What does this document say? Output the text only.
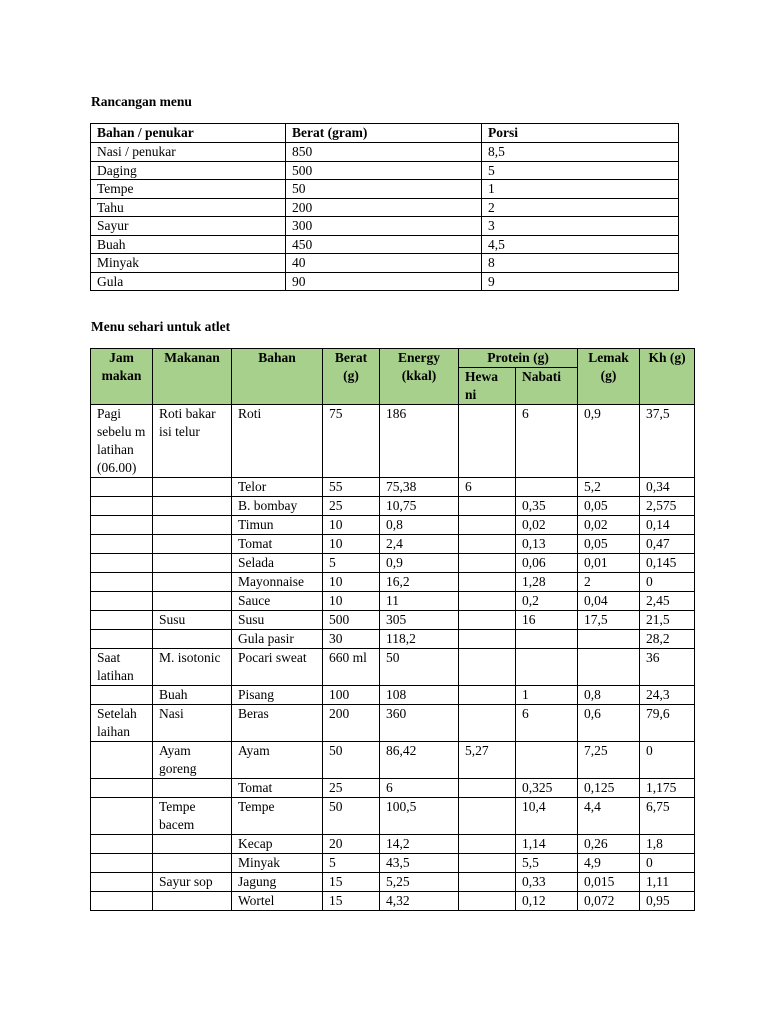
Rancangan menu
Bahan / penukar	Berat (gram)	Porsi
Nasi / penukar	850	8,5
Daging	500	5
Tempe	50	1
Tahu	200	2
Sayur	300	3
Buah	450	4,5
Minyak	40	8
Gula	90	9
Menu sehari untuk atlet
Jam makan	Makanan	Bahan	Berat (g)	Energy (kkal)	Protein (g)		Lemak (g)	Kh (g)
					Hewa ni	Nabati		
Pagi sebelu m latihan (06.00)	Roti bakar isi telur	Roti	75	186		6	0,9	37,5
		Telor	55	75,38	6		5,2	0,34
		B. bombay	25	10,75		0,35	0,05	2,575
		Timun	10	0,8		0,02	0,02	0,14
		Tomat	10	2,4		0,13	0,05	0,47
		Selada	5	0,9		0,06	0,01	0,145
		Mayonnaise	10	16,2		1,28	2	0
		Sauce	10	11		0,2	0,04	2,45
	Susu	Susu	500	305		16	17,5	21,5
		Gula pasir	30	118,2				28,2
Saat latihan	M. isotonic	Pocari sweat	660 ml	50				36
	Buah	Pisang	100	108		1	0,8	24,3
Setelah laihan	Nasi	Beras	200	360		6	0,6	79,6
	Ayam goreng	Ayam	50	86,42	5,27		7,25	0
		Tomat	25	6		0,325	0,125	1,175
	Tempe bacem	Tempe	50	100,5		10,4	4,4	6,75
		Kecap	20	14,2		1,14	0,26	1,8
		Minyak	5	43,5		5,5	4,9	0
	Sayur sop	Jagung	15	5,25		0,33	0,015	1,11
		Wortel	15	4,32		0,12	0,072	0,95
